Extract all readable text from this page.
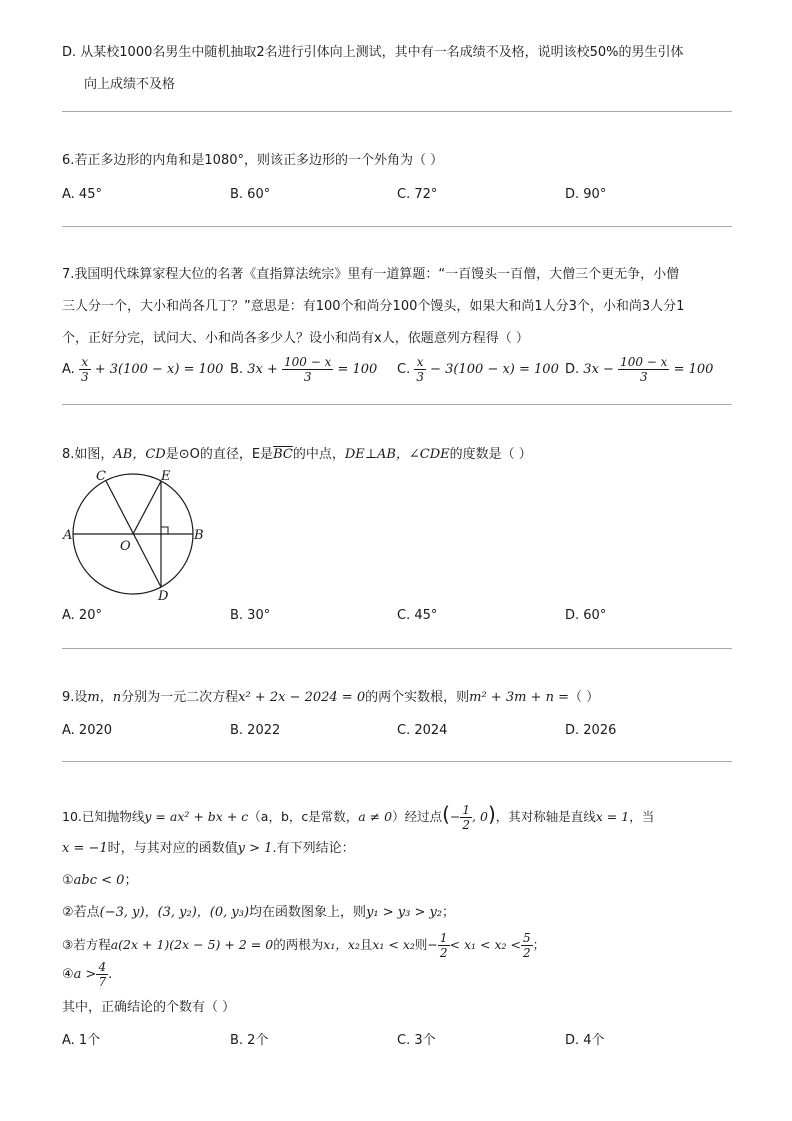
D. 从某校1000名男生中随机抽取2名进行引体向上测试，其中有一名成绩不及格，说明该校50%的男生引体
向上成绩不及格
6.若正多边形的内角和是1080°，则该正多边形的一个外角为（ ）
A. 45°	B. 60°	C. 72°	D. 90°
7.我国明代珠算家程大位的名著《直指算法统宗》里有一道算题：“一百馒头一百僧，大僧三个更无争，小僧
三人分一个，大小和尚各几丁？”意思是：有100个和尚分100个馒头，如果大和尚1人分3个，小和尚3人分1
个，正好分完，试问大、小和尚各多少人？设小和尚有x人，依题意列方程得（ ）
A. $\frac{x}{3} + 3(100 - x) = 100$ B. $3x + \frac{100 - x}{3} = 100$ C. $\frac{x}{3} - 3(100 - x) = 100$ D. $3x - \frac{100 - x}{3} = 100$
8.如图，AB，CD是⊙O的直径，E是$\overline{BC}$的中点，DE⊥AB，∠CDE的度数是（ ）
C	E
A	B
O
D
A. 20°	B. 30°	C. 45°	D. 60°
9.设m，n分别为一元二次方程x² + 2x − 2024 = 0的两个实数根，则m² + 3m + n =（ ）
A. 2020	B. 2022	C. 2024	D. 2026
10.已知抛物线y = ax² + bx + c（a，b，c是常数，a ≠ 0）经过点(− $\frac{1}{2}$ , 0)，其对称轴是直线x = 1，当
x = −1时，与其对应的函数值y > 1.有下列结论：
①abc < 0；
②若点(−3, y)，(3, y₂)，(0, y₃)均在函数图象上，则y₁ > y₃ > y₂；
③若方程a(2x + 1)(2x − 5) + 2 = 0的两根为x₁，x₂且x₁ < x₂则− $\frac{1}{2} < x_1 < x_2 < \frac{5}{2}$ ；
④a > $\frac{4}{7}$ .
其中，正确结论的个数有（ ）
A. 1个	B. 2个	C. 3个	D. 4个
